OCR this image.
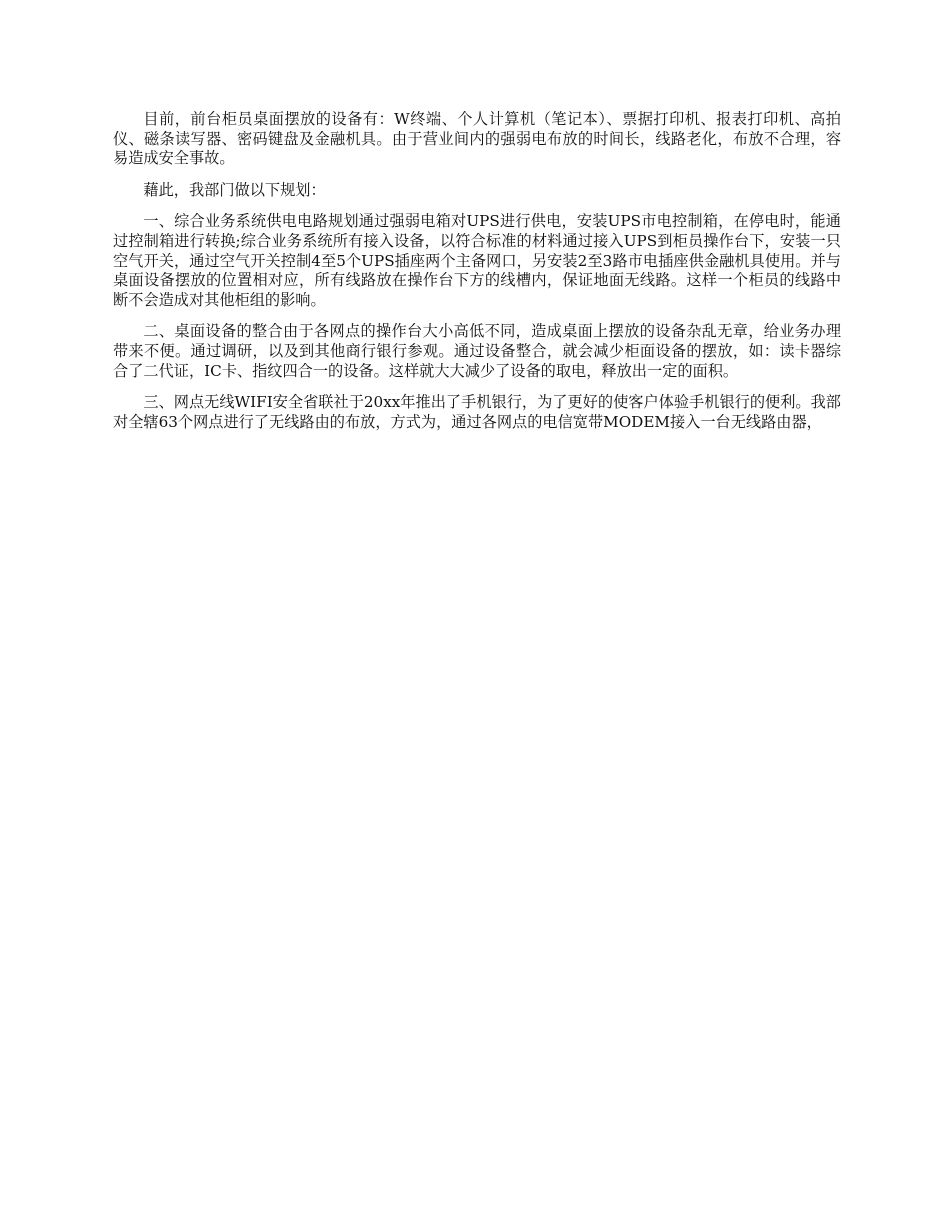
目前，前台柜员桌面摆放的设备有：W终端、个人计算机（笔记本）、票据打印机、报表打印机、高拍仪、磁条读写器、密码键盘及金融机具。由于营业间内的强弱电布放的时间长，线路老化，布放不合理，容易造成安全事故。

藉此，我部门做以下规划：

一、综合业务系统供电电路规划通过强弱电箱对UPS进行供电，安装UPS市电控制箱，在停电时，能通过控制箱进行转换;综合业务系统所有接入设备，以符合标准的材料通过接入UPS到柜员操作台下，安装一只空气开关，通过空气开关控制4至5个UPS插座两个主备网口，另安装2至3路市电插座供金融机具使用。并与桌面设备摆放的位置相对应，所有线路放在操作台下方的线槽内，保证地面无线路。这样一个柜员的线路中断不会造成对其他柜组的影响。

二、桌面设备的整合由于各网点的操作台大小高低不同，造成桌面上摆放的设备杂乱无章，给业务办理带来不便。通过调研，以及到其他商行银行参观。通过设备整合，就会减少柜面设备的摆放，如：读卡器综合了二代证，IC卡、指纹四合一的设备。这样就大大减少了设备的取电，释放出一定的面积。

三、网点无线WIFI安全省联社于20xx年推出了手机银行，为了更好的使客户体验手机银行的便利。我部对全辖63个网点进行了无线路由的布放，方式为，通过各网点的电信宽带MODEM接入一台无线路由器，
